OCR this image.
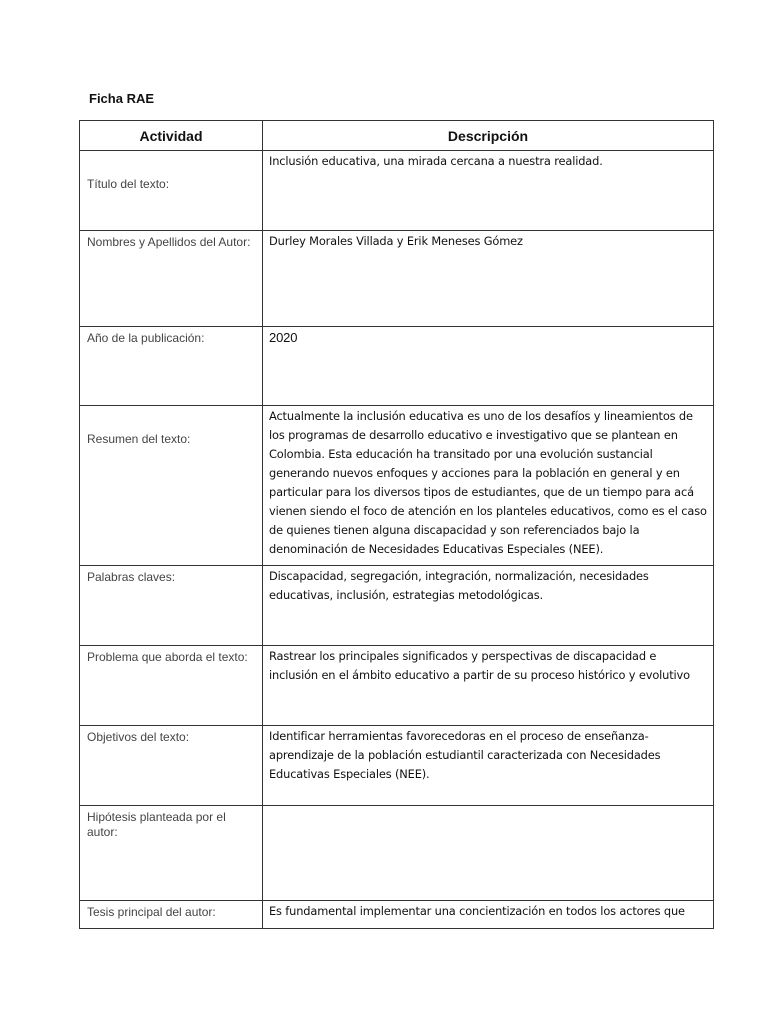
Ficha RAE
Actividad	Descripción

Título del texto:	Inclusión educativa, una mirada cercana a nuestra realidad.

Nombres y Apellidos del Autor:	Durley Morales Villada y Erik Meneses Gómez

Año de la publicación:	2020

Resumen del texto:	Actualmente la inclusión educativa es uno de los desafíos y lineamientos de los programas de desarrollo educativo e investigativo que se plantean en Colombia. Esta educación ha transitado por una evolución sustancial generando nuevos enfoques y acciones para la población en general y en particular para los diversos tipos de estudiantes, que de un tiempo para acá vienen siendo el foco de atención en los planteles educativos, como es el caso de quienes tienen alguna discapacidad y son referenciados bajo la denominación de Necesidades Educativas Especiales (NEE).

Palabras claves:	Discapacidad, segregación, integración, normalización, necesidades educativas, inclusión, estrategias metodológicas.

Problema que aborda el texto:	Rastrear los principales significados y perspectivas de discapacidad e inclusión en el ámbito educativo a partir de su proceso histórico y evolutivo

Objetivos del texto:	Identificar herramientas favorecedoras en el proceso de enseñanza-aprendizaje de la población estudiantil caracterizada con Necesidades Educativas Especiales (NEE).

Hipótesis planteada por el autor:	

Tesis principal del autor:	Es fundamental implementar una concientización en todos los actores que
